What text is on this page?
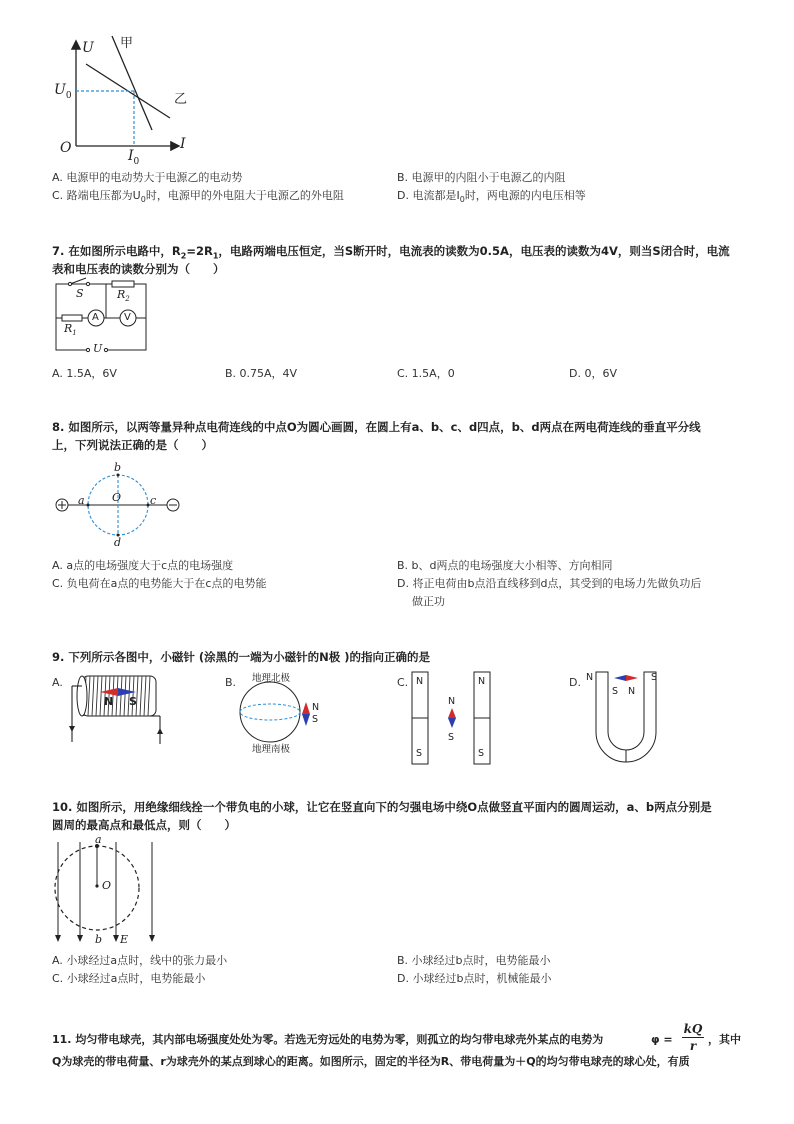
U 甲
乙
$U_0$
O	I
$I_0$
A. 电源甲的电动势大于电源乙的电动势	B. 电源甲的内阻小于电源乙的内阻
C. 路端电压都为$U_0$时，电源甲的外电阻大于电源乙的外电阻	D. 电流都是$I_0$时，两电源的内电压相等
7. 在如图所示电路中，$R_2=2R_1$，电路两端电压恒定，当S断开时，电流表的读数为0.5A，电压表的读数为4V，则当S闭合时，电流
表和电压表的读数分别为（　　）
S	$R_2$
$R_1$
A	V
U
A. 1.5A，6V	B. 0.75A，4V	C. 1.5A，0	D. 0，6V
8. 如图所示，以两等量异种点电荷连线的中点O为圆心画圆，在圆上有a、b、c、d四点，b、d两点在两电荷连线的垂直平分线
上，下列说法正确的是（　　）
b
a O	c
d
A. a点的电场强度大于c点的电场强度	B. b、d两点的电场强度大小相等、方向相同
C. 负电荷在a点的电势能大于在c点的电势能	D. 将正电荷由b点沿直线移到d点，其受到的电场力先做负功后
做正功
9. 下列所示各图中，小磁针 (涂黑的一端为小磁针的N极 )的指向正确的是
A.	B.	C.	D.
N S
地理北极
地理南极
S
N
N
S
N
S
N
S
N
S N
S
10. 如图所示，用绝缘细线拴一个带负电的小球，让它在竖直向下的匀强电场中绕O点做竖直平面内的圆周运动，a、b两点分别是
圆周的最高点和最低点，则（　　）
a
O
b E
A. 小球经过a点时，线中的张力最小	B. 小球经过b点时，电势能最小
C. 小球经过a点时，电势能最小	D. 小球经过b点时，机械能最小
11. 均匀带电球壳，其内部电场强度处处为零。若选无穷远处的电势为零，则孤立的均匀带电球壳外某点的电势为	φ =
kQ
r	，其中
Q为球壳的带电荷量、r为球壳外的某点到球心的距离。如图所示，固定的半径为R、带电荷量为＋Q的均匀带电球壳的球心处，有质
